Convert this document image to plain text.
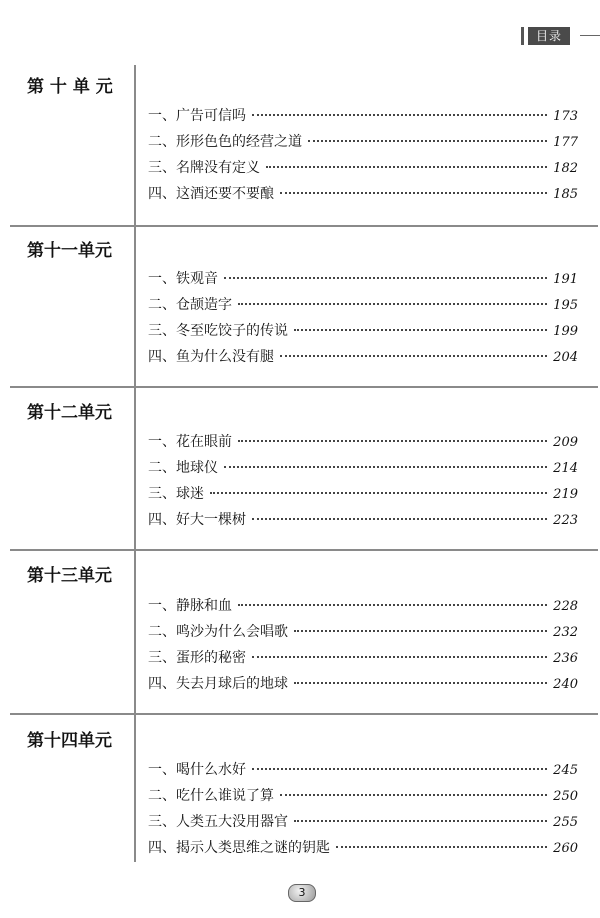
目录
第 十 单 元
一、广告可信吗	173
二、形形色色的经营之道	177
三、名牌没有定义	182
四、这酒还要不要酿	185
第十一单元
一、铁观音	191
二、仓颉造字	195
三、冬至吃饺子的传说	199
四、鱼为什么没有腿	204
第十二单元
一、花在眼前	209
二、地球仪	214
三、球迷	219
四、好大一棵树	223
第十三单元
一、静脉和血	228
二、鸣沙为什么会唱歌	232
三、蛋形的秘密	236
四、失去月球后的地球	240
第十四单元
一、喝什么水好	245
二、吃什么谁说了算	250
三、人类五大没用器官	255
四、揭示人类思维之谜的钥匙	260
3
